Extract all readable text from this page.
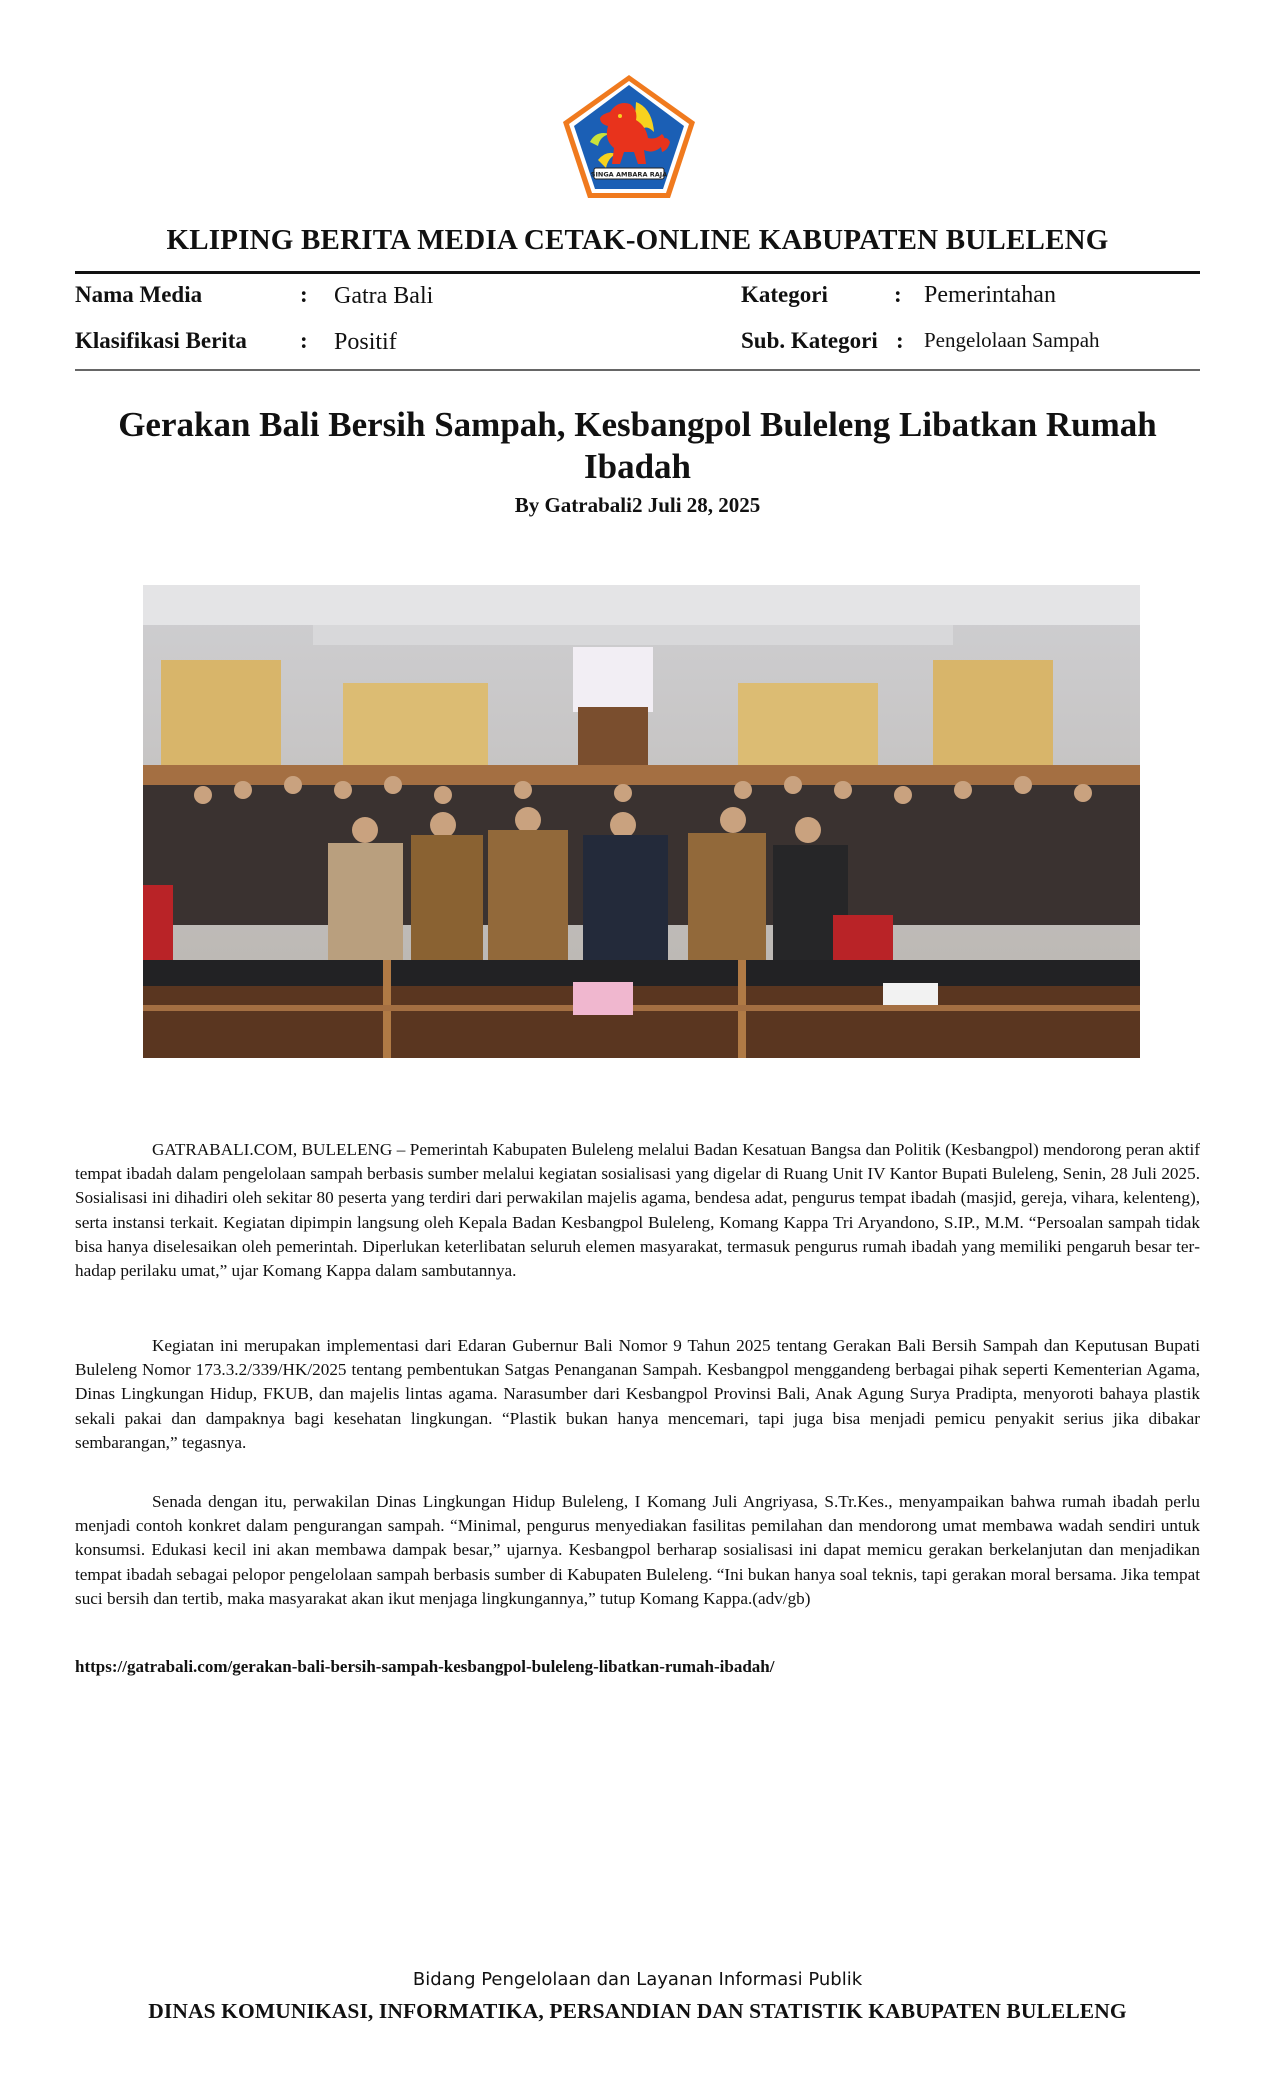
SINGA AMBARA RAJA
KLIPING BERITA MEDIA CETAK-ONLINE KABUPATEN BULELENG
Nama Media	: Gatra Bali
Klasifikasi Berita : Positif
Kategori	: Pemerintahan
Sub. Kategori : Pengelolaan Sampah
Gerakan Bali Bersih Sampah, Kesbangpol Buleleng Libatkan Rumah Ibadah
By Gatrabali2 Juli 28, 2025

GATRABALI.COM, BULELENG – Pemerintah Kabupaten Buleleng melalui Badan Kesatuan Bangsa dan Politik (Kesbangpol) mendorong peran aktif tempat ibadah dalam pengelolaan sampah berbasis sumber melalui kegiatan sosialisasi yang digelar di Ruang Unit IV Kantor Bupati Buleleng, Senin, 28 Juli 2025. Sosialisasi ini dihadiri oleh sekitar 80 peserta yang terdiri dari perwakilan majelis agama, bendesa adat, pengurus tempat ibadah (masjid, gereja, vihara, kelenteng), serta instansi terkait. Kegiatan dipimpin langsung oleh Kepala Badan Kesbangpol Buleleng, Komang Kappa Tri Aryandono, S.IP., M.M. “Persoalan sampah tidak bisa hanya diselesaikan oleh pemerintah. Diperlukan keterlibatan seluruh elemen masyarakat, termasuk pengurus rumah ibadah yang memiliki pengaruh besar terhadap perilaku umat,” ujar Komang Kappa dalam sambutannya.

Kegiatan ini merupakan implementasi dari Edaran Gubernur Bali Nomor 9 Tahun 2025 tentang Gerakan Bali Bersih Sampah dan Keputusan Bupati Buleleng Nomor 173.3.2/339/HK/2025 tentang pembentukan Satgas Penanganan Sampah. Kesbangpol menggandeng berbagai pihak seperti Kementerian Agama, Dinas Lingkungan Hidup, FKUB, dan majelis lintas agama. Narasumber dari Kesbangpol Provinsi Bali, Anak Agung Surya Pradipta, menyoroti bahaya plastik sekali pakai dan dampaknya bagi kesehatan lingkungan. “Plastik bukan hanya mencemari, tapi juga bisa menjadi pemicu penyakit serius jika dibakar sembarangan,” tegasnya.

Senada dengan itu, perwakilan Dinas Lingkungan Hidup Buleleng, I Komang Juli Angriyasa, S.Tr.Kes., menyampaikan bahwa rumah ibadah perlu menjadi contoh konkret dalam pengurangan sampah. “Minimal, pengurus menyediakan fasilitas pemilahan dan mendorong umat membawa wadah sendiri untuk konsumsi. Edukasi kecil ini akan membawa dampak besar,” ujarnya. Kesbangpol berharap sosialisasi ini dapat memicu gerakan berkelanjutan dan menjadikan tempat ibadah sebagai pelopor pengelolaan sampah berbasis sumber di Kabupaten Buleleng. “Ini bukan hanya soal teknis, tapi gerakan moral bersama. Jika tempat suci bersih dan tertib, maka masyarakat akan ikut menjaga lingkungannya,” tutup Komang Kappa.(adv/gb)

https://gatrabali.com/gerakan-bali-bersih-sampah-kesbangpol-buleleng-libatkan-rumah-ibadah/
Bidang Pengelolaan dan Layanan Informasi Publik
DINAS KOMUNIKASI, INFORMATIKA, PERSANDIAN DAN STATISTIK KABUPATEN BULELENG
